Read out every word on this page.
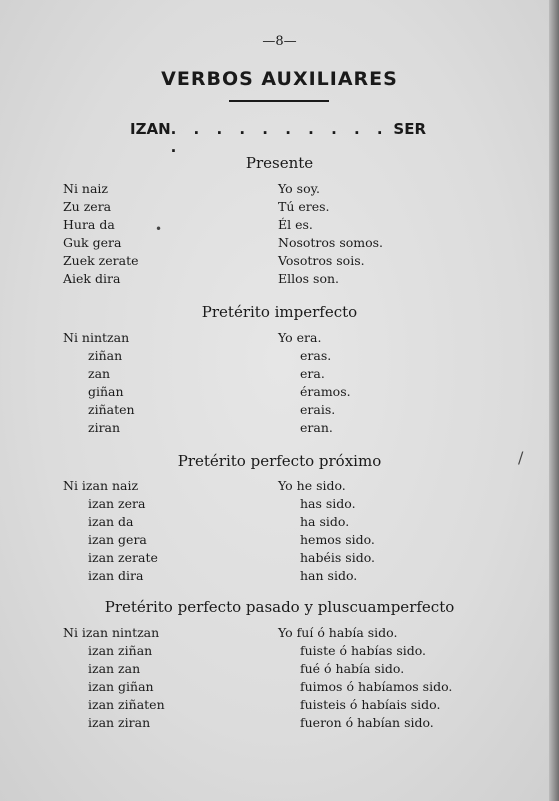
—8—
VERBOS AUXILIARES
IZAN . . . . . . . . . . .
SER
Presente
Ni naiz	Yo soy.
Zu zera	Tú eres.
Hura da	Él es.
Guk gera	Nosotros somos.
Zuek zerate	Vosotros sois.
Aiek dira	Ellos son.
Pretérito imperfecto
Ni nintzan	Yo era.
ziñan	eras.
zan	era.
giñan	éramos.
ziñaten	erais.
ziran	eran.
Pretérito perfecto próximo
Ni izan naiz	Yo he sido.
izan zera	has sido.
izan da	ha sido.
izan gera	hemos sido.
izan zerate	habéis sido.
izan dira	han sido.
Pretérito perfecto pasado y pluscuamperfecto
Ni izan nintzan	Yo fuí ó había sido.
izan ziñan	fuiste ó habías sido.
izan zan	fué ó había sido.
izan giñan	fuimos ó habíamos sido.
izan ziñaten	fuisteis ó habíais sido.
izan ziran	fueron ó habían sido.
•
/
